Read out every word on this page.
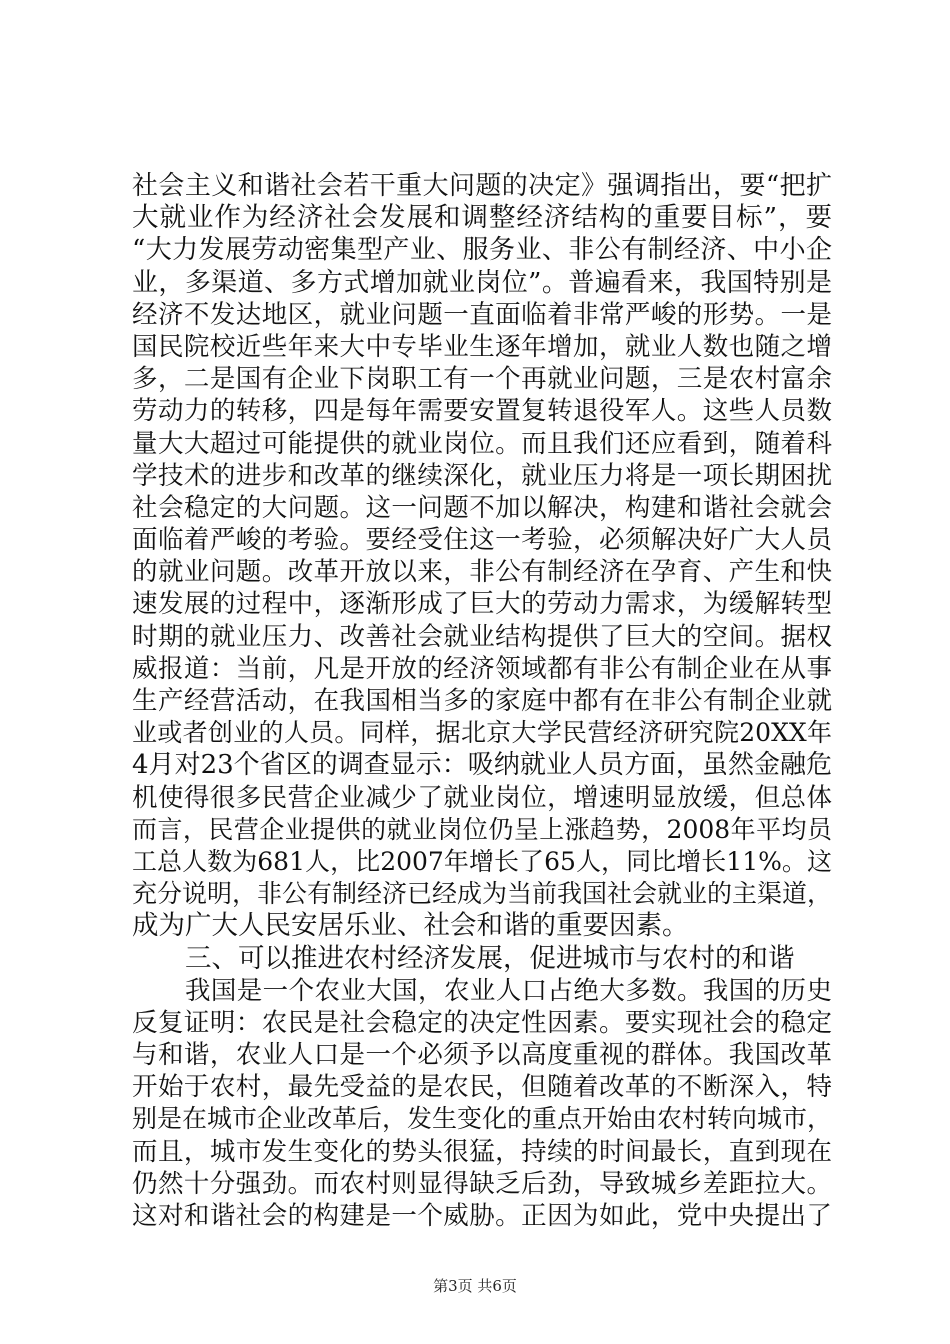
社会主义和谐社会若干重大问题的决定》强调指出，要“把扩
大就业作为经济社会发展和调整经济结构的重要目标”，要
“大力发展劳动密集型产业、服务业、非公有制经济、中小企
业，多渠道、多方式增加就业岗位”。普遍看来，我国特别是
经济不发达地区，就业问题一直面临着非常严峻的形势。一是
国民院校近些年来大中专毕业生逐年增加，就业人数也随之增
多，二是国有企业下岗职工有一个再就业问题，三是农村富余
劳动力的转移，四是每年需要安置复转退役军人。这些人员数
量大大超过可能提供的就业岗位。而且我们还应看到，随着科
学技术的进步和改革的继续深化，就业压力将是一项长期困扰
社会稳定的大问题。这一问题不加以解决，构建和谐社会就会
面临着严峻的考验。要经受住这一考验，必须解决好广大人员
的就业问题。改革开放以来，非公有制经济在孕育、产生和快
速发展的过程中，逐渐形成了巨大的劳动力需求，为缓解转型
时期的就业压力、改善社会就业结构提供了巨大的空间。据权
威报道：当前，凡是开放的经济领域都有非公有制企业在从事
生产经营活动，在我国相当多的家庭中都有在非公有制企业就
业或者创业的人员。同样，据北京大学民营经济研究院20XX年
4月对23个省区的调查显示：吸纳就业人员方面，虽然金融危
机使得很多民营企业减少了就业岗位，增速明显放缓，但总体
而言，民营企业提供的就业岗位仍呈上涨趋势，2008年平均员
工总人数为681人，比2007年增长了65人，同比增长11%。这
充分说明，非公有制经济已经成为当前我国社会就业的主渠道，
成为广大人民安居乐业、社会和谐的重要因素。
三、可以推进农村经济发展，促进城市与农村的和谐
我国是一个农业大国，农业人口占绝大多数。我国的历史
反复证明：农民是社会稳定的决定性因素。要实现社会的稳定
与和谐，农业人口是一个必须予以高度重视的群体。我国改革
开始于农村，最先受益的是农民，但随着改革的不断深入，特
别是在城市企业改革后，发生变化的重点开始由农村转向城市，
而且，城市发生变化的势头很猛，持续的时间最长，直到现在
仍然十分强劲。而农村则显得缺乏后劲，导致城乡差距拉大。
这对和谐社会的构建是一个威胁。正因为如此，党中央提出了
第3页 共6页
